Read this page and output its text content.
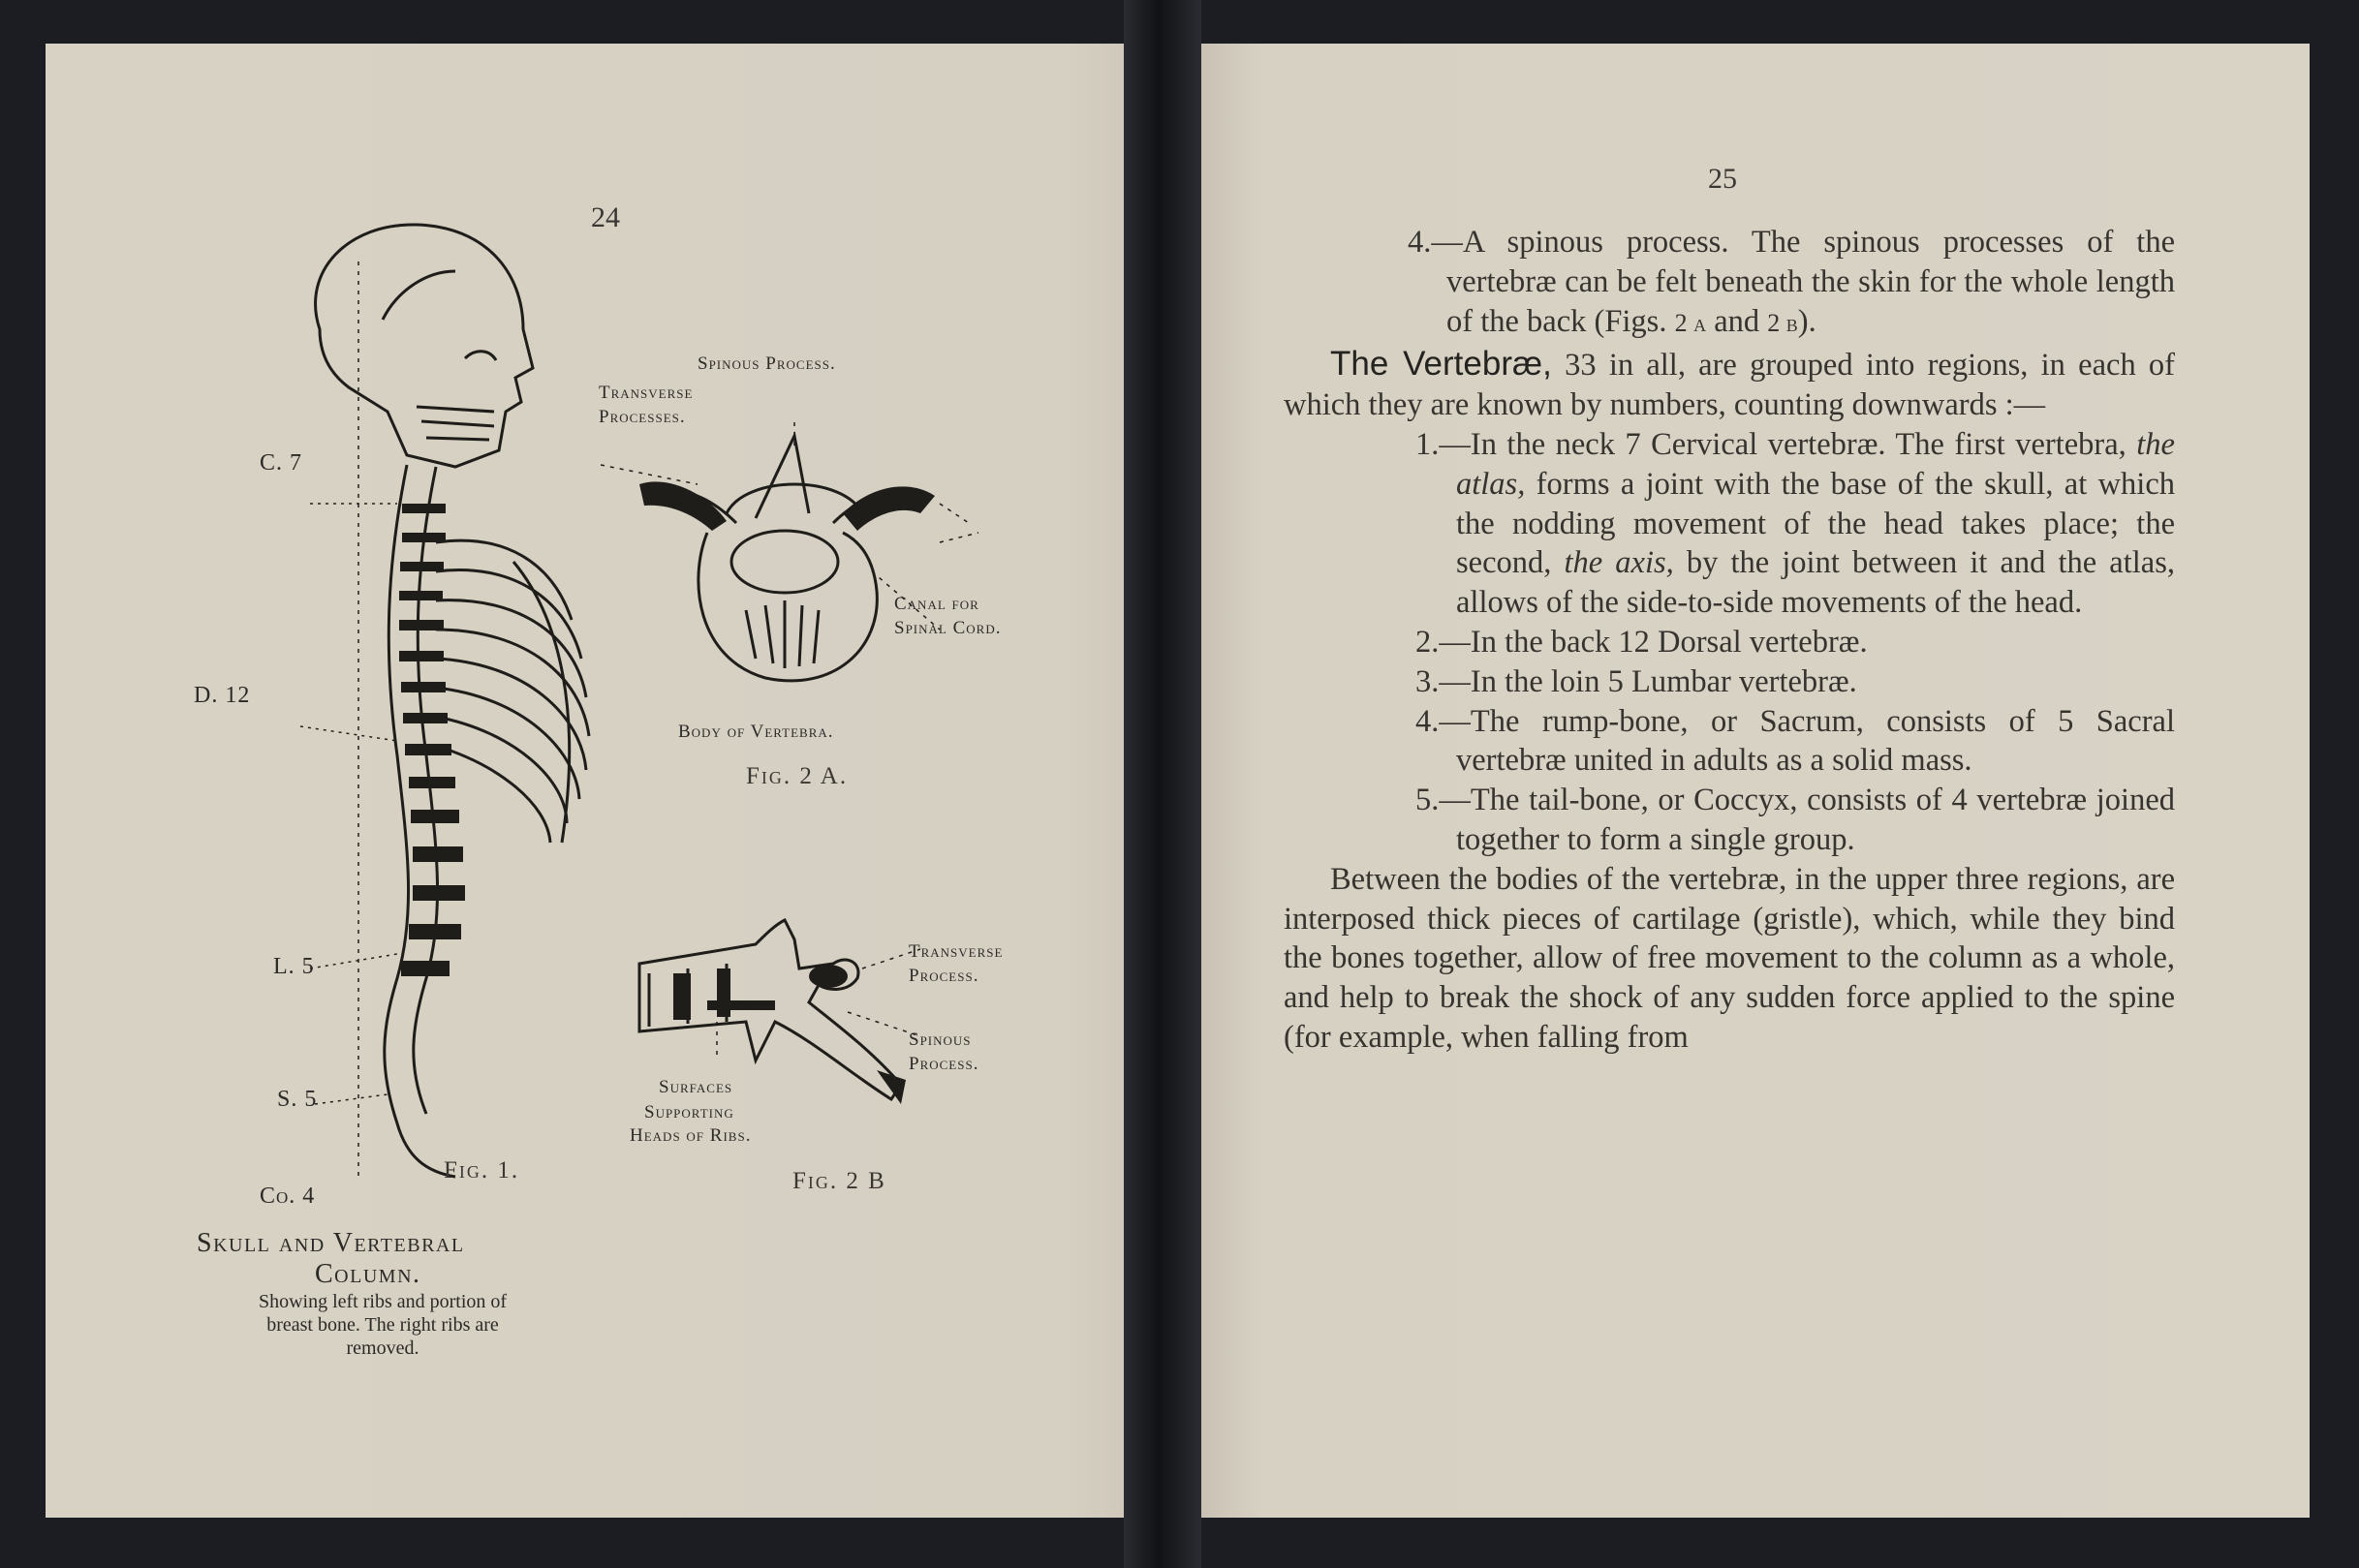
24
C. 7
D. 12
L. 5
S. 5
Co. 4
Fig. 1.
Skull and Vertebral
Column.
Showing left ribs and portion of
breast bone. The right ribs are
removed.
Spinous Process.
Transverse
Processes.
Canal for
Spinal Cord.
Body of Vertebra.
Fig. 2 A.
Transverse
Process.
Spinous
Process.
Surfaces
Supporting
Heads of Ribs.
Fig. 2 B
25

4.—A spinous process. The spinous processes of the vertebræ can be felt beneath the skin for the whole length of the back (Figs. 2 a and 2 b).

The Vertebræ, 33 in all, are grouped into regions, in each of which they are known by numbers, counting downwards :—

1.—In the neck 7 Cervical vertebræ. The first vertebra, the atlas, forms a joint with the base of the skull, at which the nodding movement of the head takes place; the second, the axis, by the joint between it and the atlas, allows of the side-to-side movements of the head.

2.—In the back 12 Dorsal vertebræ.

3.—In the loin 5 Lumbar vertebræ.

4.—The rump-bone, or Sacrum, consists of 5 Sacral vertebræ united in adults as a solid mass.

5.—The tail-bone, or Coccyx, consists of 4 vertebræ joined together to form a single group.

Between the bodies of the vertebræ, in the upper three regions, are interposed thick pieces of cartilage (gristle), which, while they bind the bones together, allow of free movement to the column as a whole, and help to break the shock of any sudden force applied to the spine (for example, when falling from
